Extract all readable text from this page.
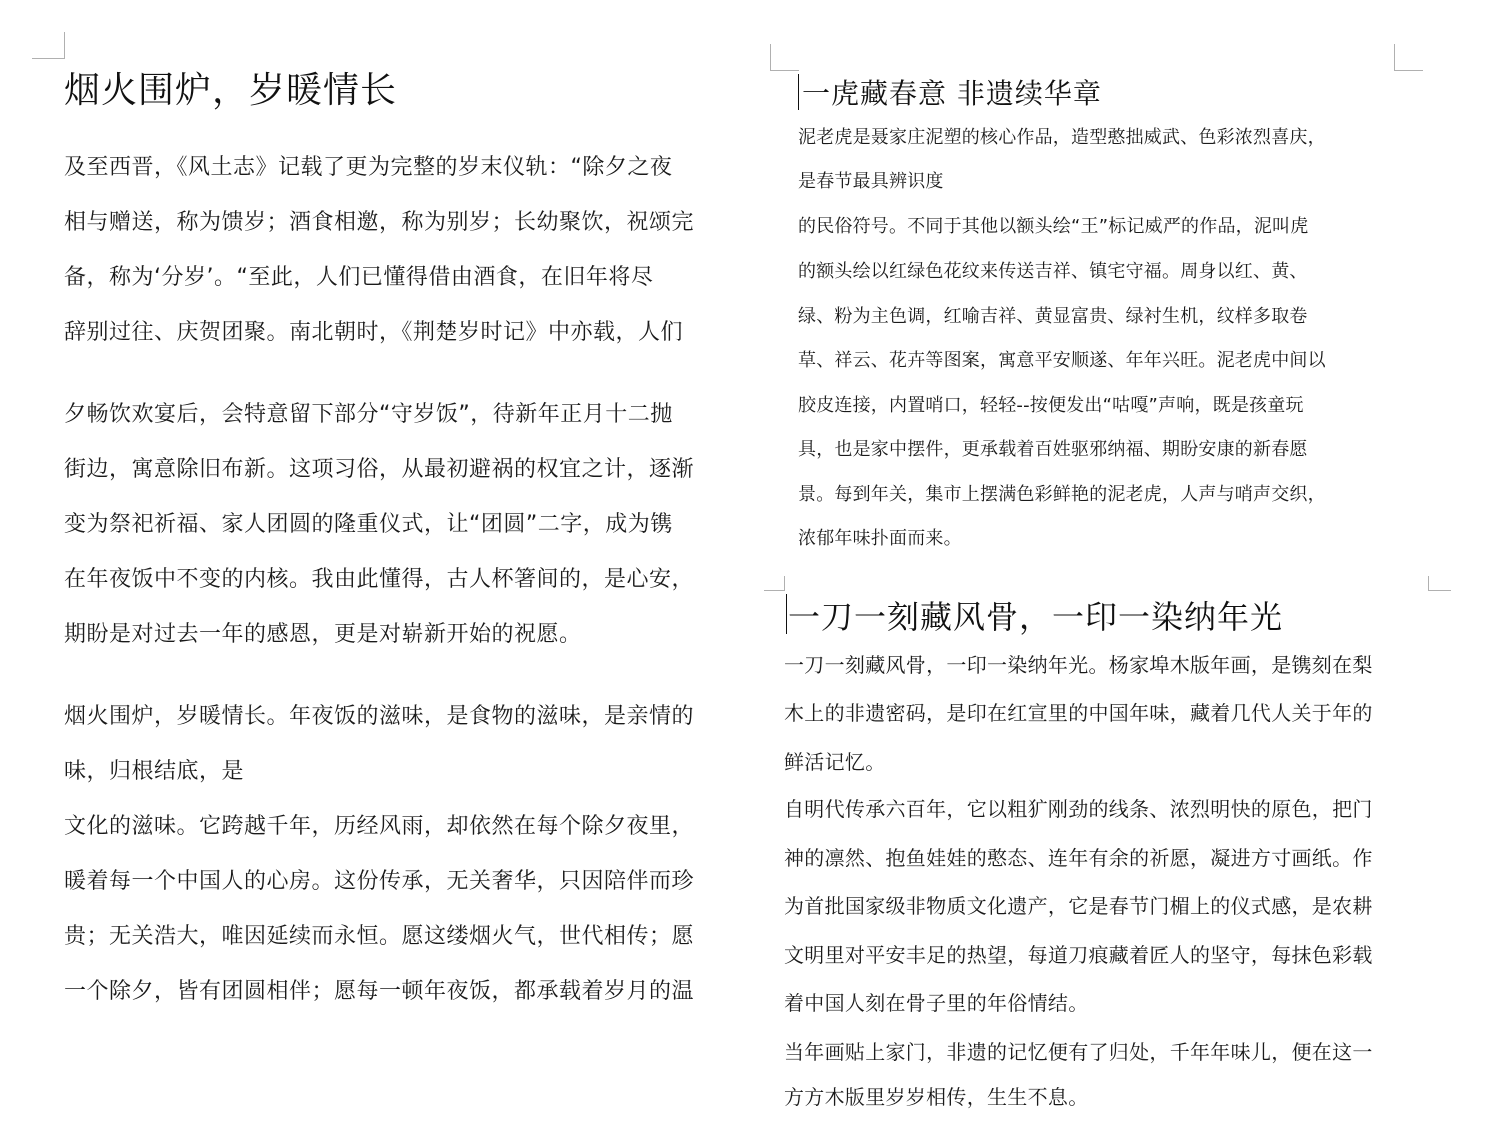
烟火围炉，岁暖情长
及至西晋，《风土志》记载了更为完整的岁末仪轨：“除夕之夜
相与赠送，称为馈岁；酒食相邀，称为别岁；长幼聚饮，祝颂完
备，称为‘分岁’。“至此，人们已懂得借由酒食，在旧年将尽
辞别过往、庆贺团聚。南北朝时，《荆楚岁时记》中亦载，人们
夕畅饮欢宴后，会特意留下部分“守岁饭”，待新年正月十二抛
街边，寓意除旧布新。这项习俗，从最初避祸的权宜之计，逐渐
变为祭祀祈福、家人团圆的隆重仪式，让“团圆”二字，成为镌
在年夜饭中不变的内核。我由此懂得，古人杯箸间的，是心安，
期盼是对过去一年的感恩，更是对崭新开始的祝愿。
烟火围炉，岁暖情长。年夜饭的滋味，是食物的滋味，是亲情的
味，归根结底，是
文化的滋味。它跨越千年，历经风雨，却依然在每个除夕夜里，
暖着每一个中国人的心房。这份传承，无关奢华，只因陪伴而珍
贵；无关浩大，唯因延续而永恒。愿这缕烟火气，世代相传；愿
一个除夕，皆有团圆相伴；愿每一顿年夜饭，都承载着岁月的温
一虎藏春意 非遗续华章
泥老虎是聂家庄泥塑的核心作品，造型憨拙威武、色彩浓烈喜庆，
是春节最具辨识度
的民俗符号。不同于其他以额头绘“王”标记威严的作品，泥叫虎
的额头绘以红绿色花纹来传送吉祥、镇宅守福。周身以红、黄、
绿、粉为主色调，红喻吉祥、黄显富贵、绿衬生机，纹样多取卷
草、祥云、花卉等图案，寓意平安顺遂、年年兴旺。泥老虎中间以
胶皮连接，内置哨口，轻轻--按便发出“咕嘎”声响，既是孩童玩
具，也是家中摆件，更承载着百姓驱邪纳福、期盼安康的新春愿
景。每到年关，集市上摆满色彩鲜艳的泥老虎，人声与哨声交织，
浓郁年味扑面而来。
一刀一刻藏风骨，一印一染纳年光
一刀一刻藏风骨，一印一染纳年光。杨家埠木版年画，是镌刻在梨
木上的非遗密码，是印在红宣里的中国年味，藏着几代人关于年的
鲜活记忆。
自明代传承六百年，它以粗犷刚劲的线条、浓烈明快的原色，把门
神的凛然、抱鱼娃娃的憨态、连年有余的祈愿，凝进方寸画纸。作
为首批国家级非物质文化遗产，它是春节门楣上的仪式感，是农耕
文明里对平安丰足的热望，每道刀痕藏着匠人的坚守，每抹色彩载
着中国人刻在骨子里的年俗情结。
当年画贴上家门，非遗的记忆便有了归处，千年年味儿，便在这一
方方木版里岁岁相传，生生不息。
